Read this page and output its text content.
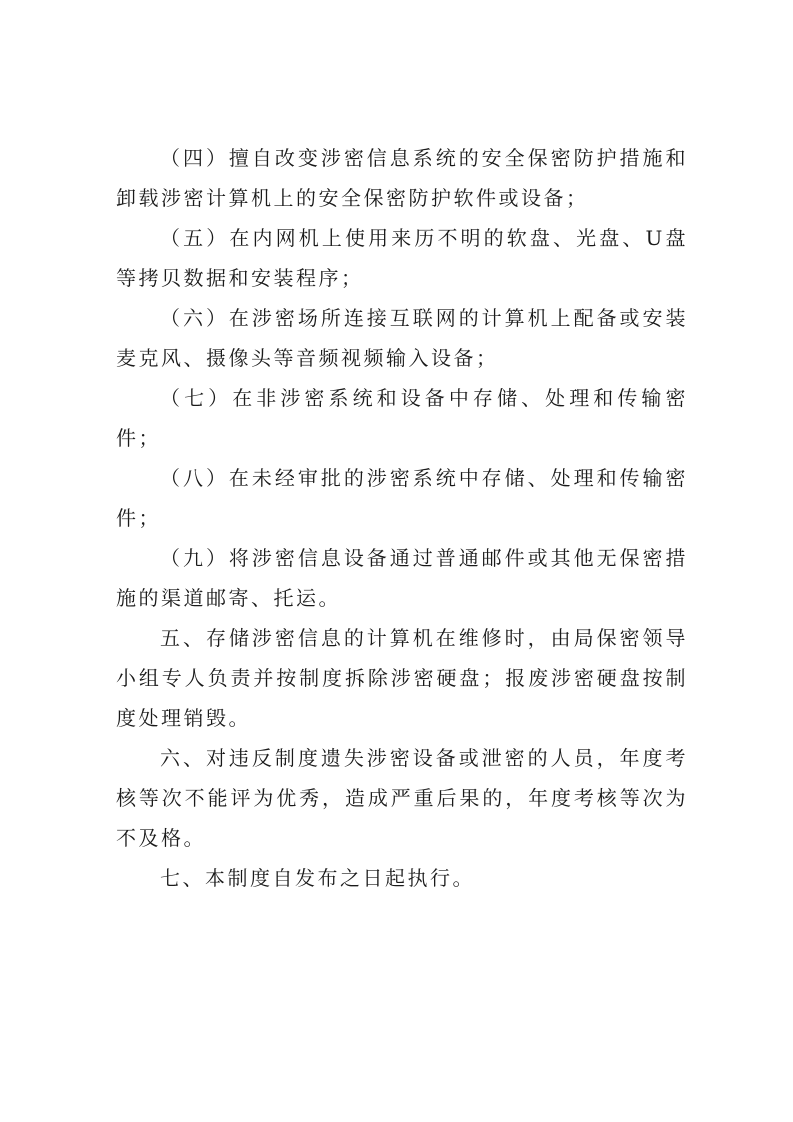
（四）擅自改变涉密信息系统的安全保密防护措施和卸载涉密计算机上的安全保密防护软件或设备；

（五）在内网机上使用来历不明的软盘、光盘、U盘等拷贝数据和安装程序；

（六）在涉密场所连接互联网的计算机上配备或安装麦克风、摄像头等音频视频输入设备；

（七）在非涉密系统和设备中存储、处理和传输密件；

（八）在未经审批的涉密系统中存储、处理和传输密件；

（九）将涉密信息设备通过普通邮件或其他无保密措施的渠道邮寄、托运。

五、存储涉密信息的计算机在维修时，由局保密领导小组专人负责并按制度拆除涉密硬盘；报废涉密硬盘按制度处理销毁。

六、对违反制度遗失涉密设备或泄密的人员，年度考核等次不能评为优秀，造成严重后果的，年度考核等次为不及格。

七、本制度自发布之日起执行。
